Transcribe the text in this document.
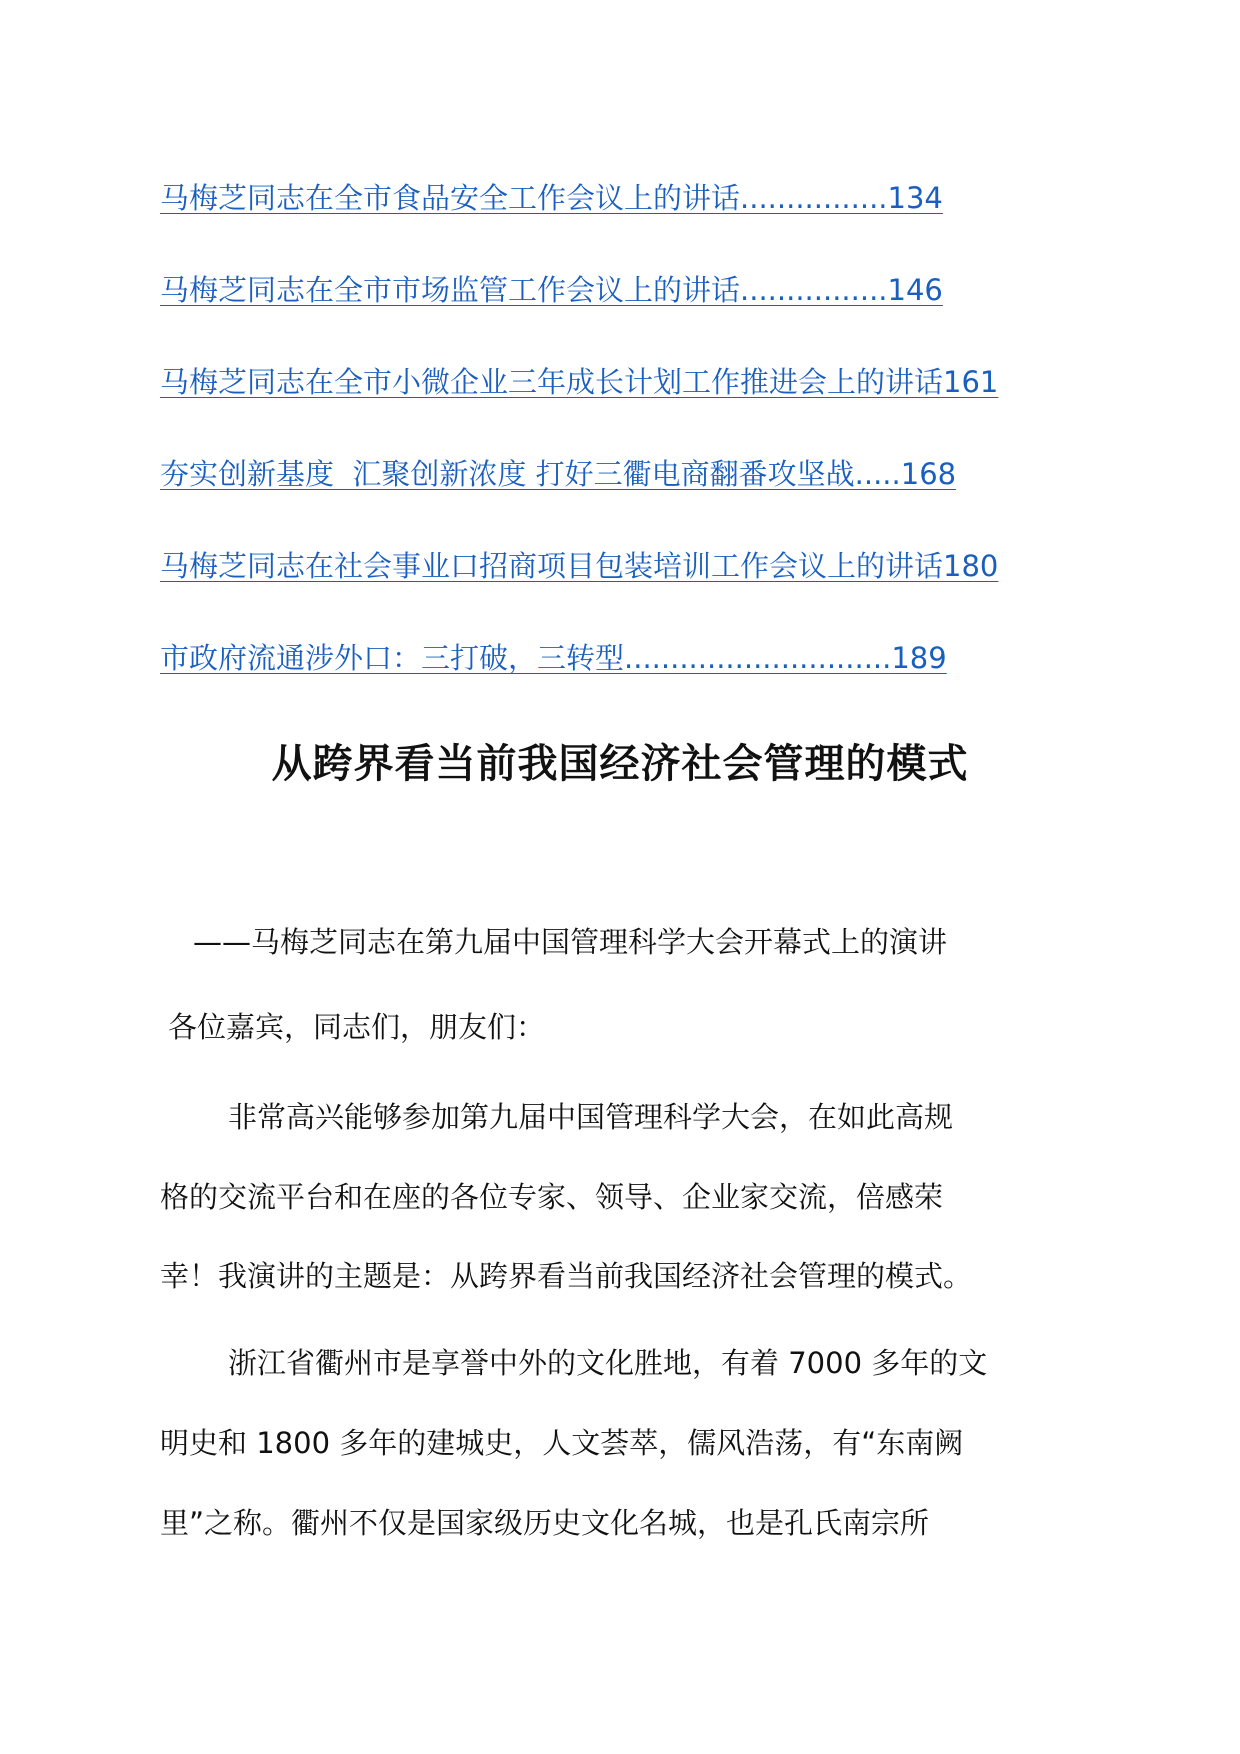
马梅芝同志在全市食品安全工作会议上的讲话................134
马梅芝同志在全市市场监管工作会议上的讲话................146
马梅芝同志在全市小微企业三年成长计划工作推进会上的讲话161
夯实创新基度  汇聚创新浓度 打好三衢电商翻番攻坚战.....168
马梅芝同志在社会事业口招商项目包装培训工作会议上的讲话180
市政府流通涉外口：三打破，三转型.............................189
从跨界看当前我国经济社会管理的模式
——马梅芝同志在第九届中国管理科学大会开幕式上的演讲
各位嘉宾，同志们，朋友们：
非常高兴能够参加第九届中国管理科学大会，在如此高规
格的交流平台和在座的各位专家、领导、企业家交流，倍感荣
幸！我演讲的主题是：从跨界看当前我国经济社会管理的模式。
浙江省衢州市是享誉中外的文化胜地，有着 7000 多年的文
明史和 1800 多年的建城史，人文荟萃，儒风浩荡，有“东南阙
里”之称。衢州不仅是国家级历史文化名城，也是孔氏南宗所
